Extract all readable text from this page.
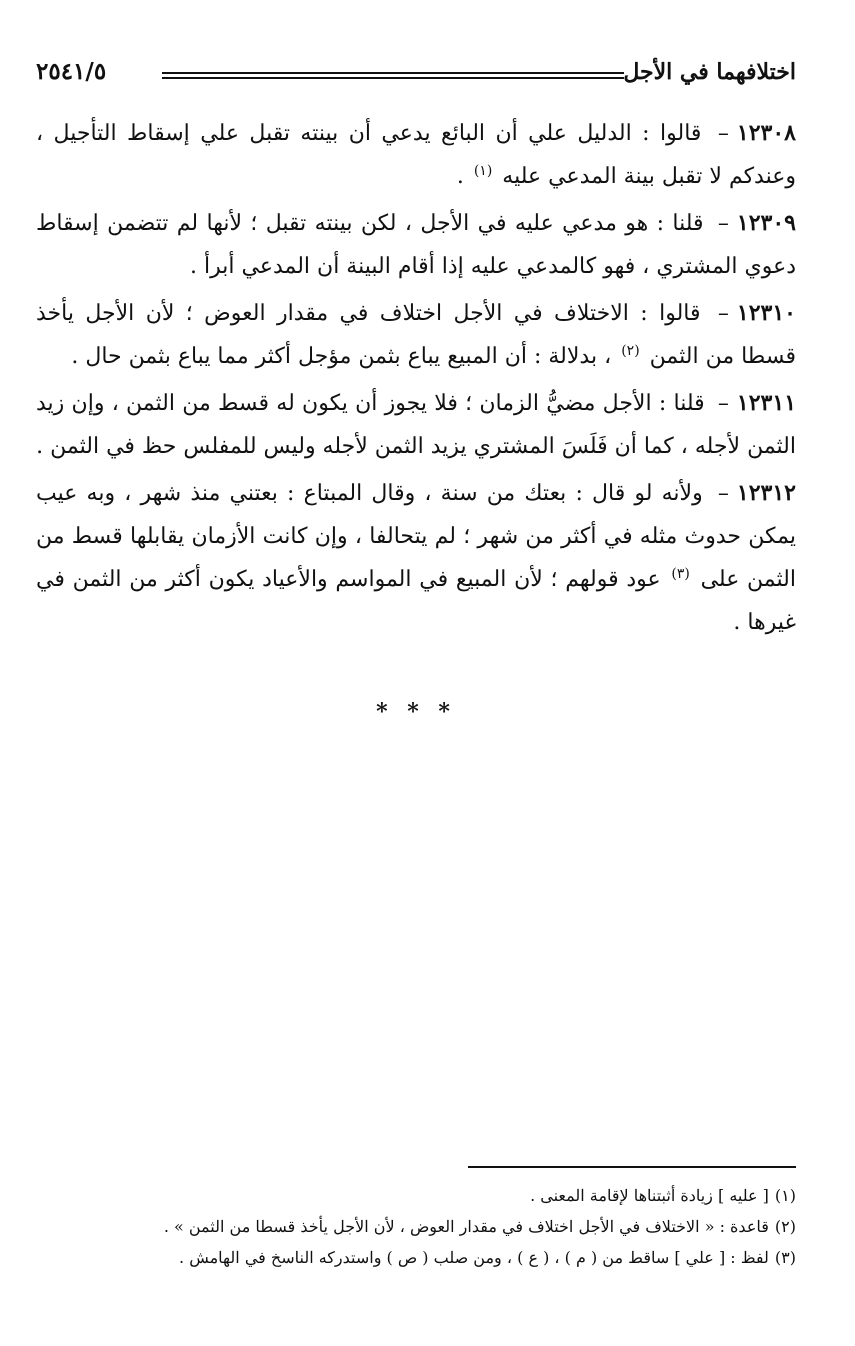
٢٥٤١/٥	اختلافهما في الأجل

١٢٣٠٨– قالوا : الدليل علي أن البائع يدعي أن بينته تقبل علي إسقاط التأجيل ، وعندكم لا تقبل بينة المدعي عليه $^{(١)}$ .

١٢٣٠٩– قلنا : هو مدعي عليه في الأجل ، لكن بينته تقبل ؛ لأنها لم تتضمن إسقاط دعوي المشتري ، فهو كالمدعي عليه إذا أقام البينة أن المدعي أبرأ .

١٢٣١٠– قالوا : الاختلاف في الأجل اختلاف في مقدار العوض ؛ لأن الأجل يأخذ قسطا من الثمن $^{(٢)}$ ، بدلالة : أن المبيع يباع بثمن مؤجل أكثر مما يباع بثمن حال .

١٢٣١١– قلنا : الأجل مضيُّ الزمان ؛ فلا يجوز أن يكون له قسط من الثمن ، وإن زيد الثمن لأجله ، كما أن فَلَسَ المشتري يزيد الثمن لأجله وليس للمفلس حظ في الثمن .

١٢٣١٢– ولأنه لو قال : بعتك من سنة ، وقال المبتاع : بعتني منذ شهر ، وبه عيب يمكن حدوث مثله في أكثر من شهر ؛ لم يتحالفا ، وإن كانت الأزمان يقابلها قسط من الثمن على $^{(٣)}$ عود قولهم ؛ لأن المبيع في المواسم والأعياد يكون أكثر من الثمن في غيرها .

* * *
(١)[ عليه ] زيادة أثبتناها لإقامة المعنى .
(٢)قاعدة : « الاختلاف في الأجل اختلاف في مقدار العوض ، لأن الأجل يأخذ قسطا من الثمن » .
(٣)لفظ : [ علي ] ساقط من ( م ) ، ( ع ) ، ومن صلب ( ص ) واستدركه الناسخ في الهامش .
